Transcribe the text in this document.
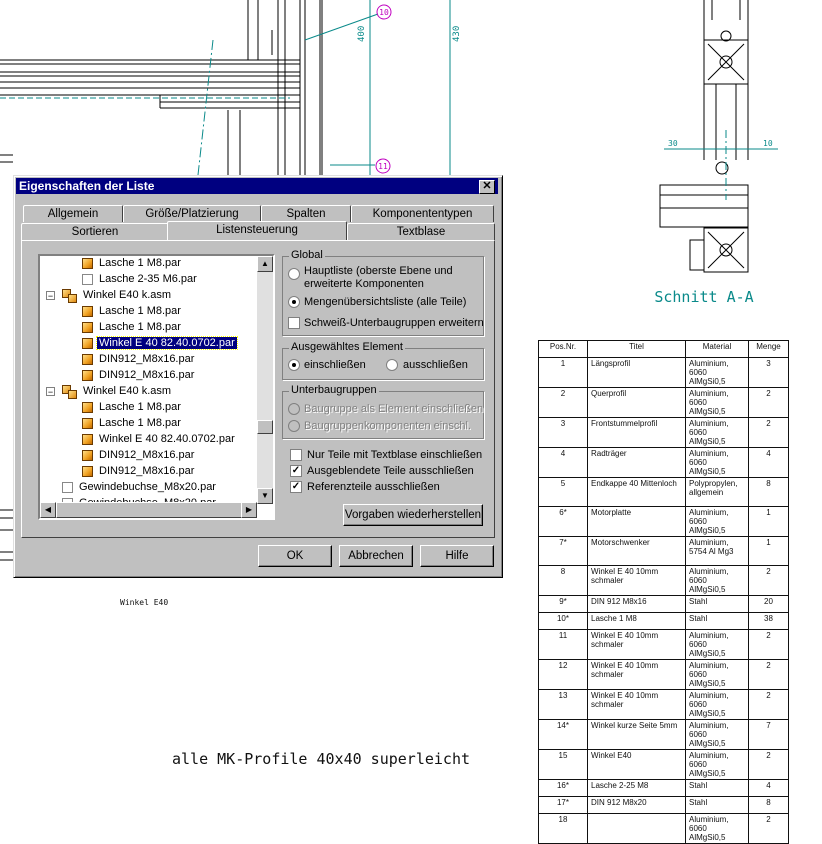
10
11
400	430
30	10
Schnitt A-A
Winkel E40
alle MK-Profile 40x40 superleicht
Pos.Nr.	Titel	Material	Menge
1	Längsprofil	Aluminium, 6060 AlMgSi0,5	3
2	Querprofil	Aluminium, 6060 AlMgSi0,5	2
3	Frontstummelprofil	Aluminium, 6060 AlMgSi0,5	2
4	Radträger	Aluminium, 6060 AlMgSi0,5	4
5	Endkappe 40 Mittenloch	Polypropylen, allgemein	8
6*	Motorplatte	Aluminium, 6060 AlMgSi0,5	1
7*	Motorschwenker	Aluminium, 5754 Al Mg3	1
8	Winkel E 40 10mm schmaler	Aluminium, 6060 AlMgSi0,5	2
9*	DIN 912 M8x16	Stahl	20
10*	Lasche 1 M8	Stahl	38
11	Winkel E 40 10mm schmaler	Aluminium, 6060 AlMgSi0,5	2
12	Winkel E 40 10mm schmaler	Aluminium, 6060 AlMgSi0,5	2
13	Winkel E 40 10mm schmaler	Aluminium, 6060 AlMgSi0,5	2
14*	Winkel kurze Seite 5mm	Aluminium, 6060 AlMgSi0,5	7
15	Winkel E40	Aluminium, 6060 AlMgSi0,5	2
16*	Lasche 2-25 M8	Stahl	4
17*	DIN 912 M8x20	Stahl	8
18		Aluminium, 6060 AlMgSi0,5	2
Eigenschaften der Liste	✕
Allgemein	Größe/Platzierung	Spalten	Komponententypen
Sortieren	Listensteuerung	Textblase
Lasche 1 M8.par
Lasche 2-35 M6.par
−	Winkel E40 k.asm
Lasche 1 M8.par
Lasche 1 M8.par
Winkel E 40 82.40.0702.par
DIN912_M8x16.par
DIN912_M8x16.par
−	Winkel E40 k.asm
Lasche 1 M8.par
Lasche 1 M8.par
Winkel E 40 82.40.0702.par
DIN912_M8x16.par
DIN912_M8x16.par
Gewindebuchse_M8x20.par
▲
▼
◀	▶
Global
Hauptliste (oberste Ebene und erweiterte Komponenten
Mengenübersichtsliste (alle Teile)
Schweiß-Unterbaugruppen erweitern
Ausgewähltes Element
einschließen	ausschließen
Unterbaugruppen
Baugruppe als Element einschließen
Baugruppenkomponenten einschl.
Nur Teile mit Textblase einschließen
✓ Ausgeblendete Teile ausschließen
✓ Referenzteile ausschließen
Vorgaben wiederherstellen
OK	Abbrechen	Hilfe
